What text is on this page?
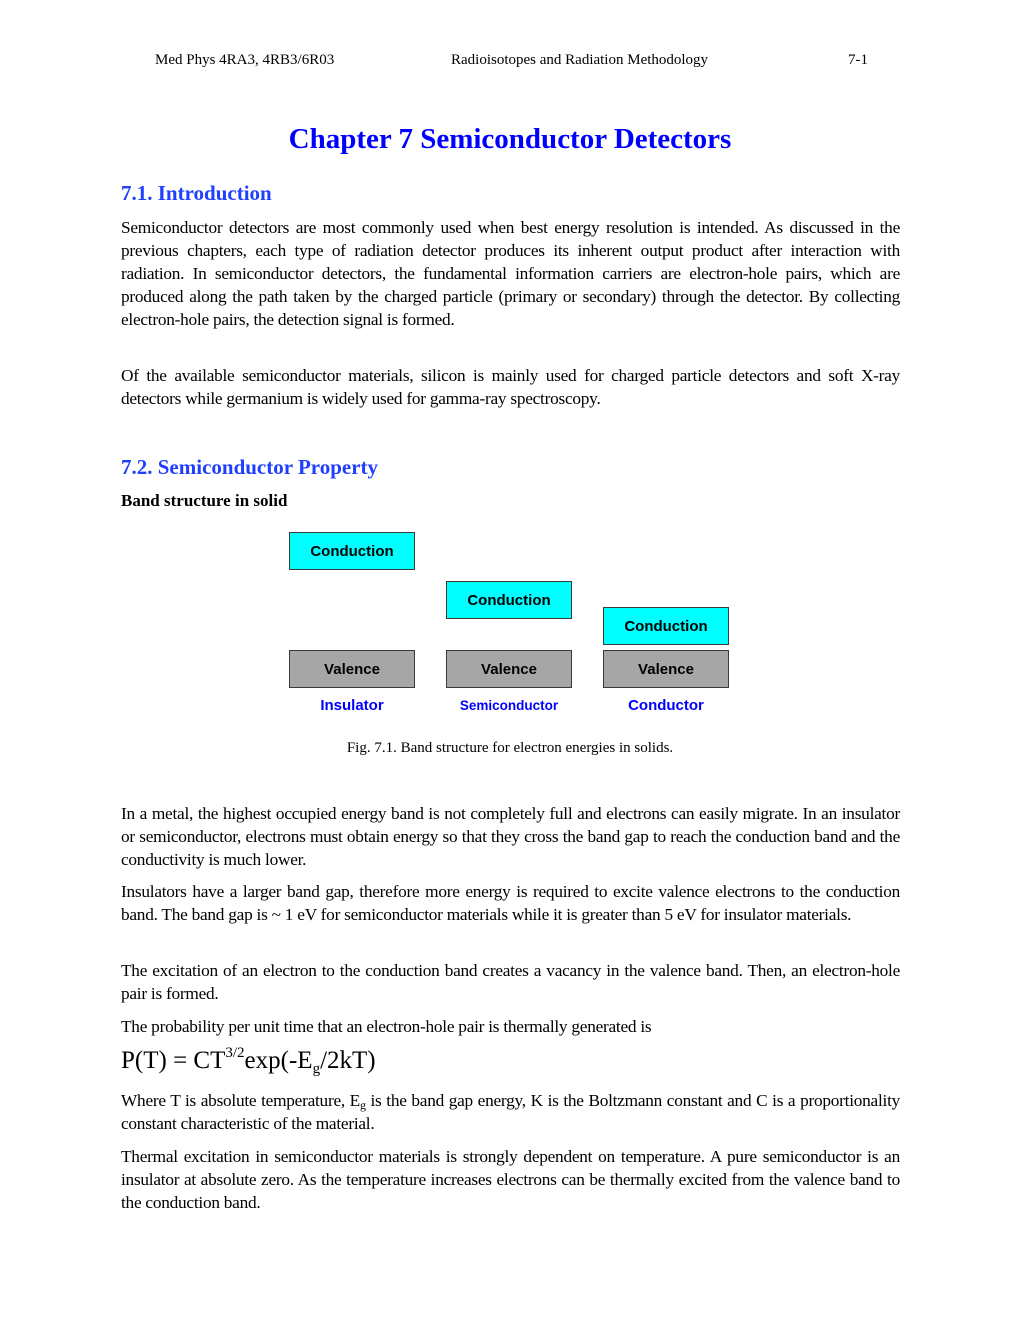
Med Phys 4RA3, 4RB3/6R03	Radioisotopes and Radiation Methodology	7-1
Chapter 7 Semiconductor Detectors
7.1. Introduction
Semiconductor detectors are most commonly used when best energy resolution is intended. As discussed in the previous chapters, each type of radiation detector produces its inherent output product after interaction with radiation. In semiconductor detectors, the fundamental information carriers are electron-hole pairs, which are produced along the path taken by the charged particle (primary or secondary) through the detector. By collecting electron-hole pairs, the detection signal is formed.
Of the available semiconductor materials, silicon is mainly used for charged particle detectors and soft X-ray detectors while germanium is widely used for gamma-ray spectroscopy.
7.2. Semiconductor Property
Band structure in solid
Conduction
Conduction
Conduction
Valence	Valence	Valence
Insulator	Semiconductor	Conductor
Fig. 7.1. Band structure for electron energies in solids.
In a metal, the highest occupied energy band is not completely full and electrons can easily migrate. In an insulator or semiconductor, electrons must obtain energy so that they cross the band gap to reach the conduction band and the conductivity is much lower.
Insulators have a larger band gap, therefore more energy is required to excite valence electrons to the conduction band. The band gap is ~ 1 eV for semiconductor materials while it is greater than 5 eV for insulator materials.
The excitation of an electron to the conduction band creates a vacancy in the valence band. Then, an electron-hole pair is formed.
The probability per unit time that an electron-hole pair is thermally generated is
$P(T) = CT^{3/2}\exp(-E_g/2kT)$
Where T is absolute temperature, $E_g$ is the band gap energy, K is the Boltzmann constant and C is a proportionality constant characteristic of the material.
Thermal excitation in semiconductor materials is strongly dependent on temperature. A pure semiconductor is an insulator at absolute zero. As the temperature increases electrons can be thermally excited from the valence band to the conduction band.
